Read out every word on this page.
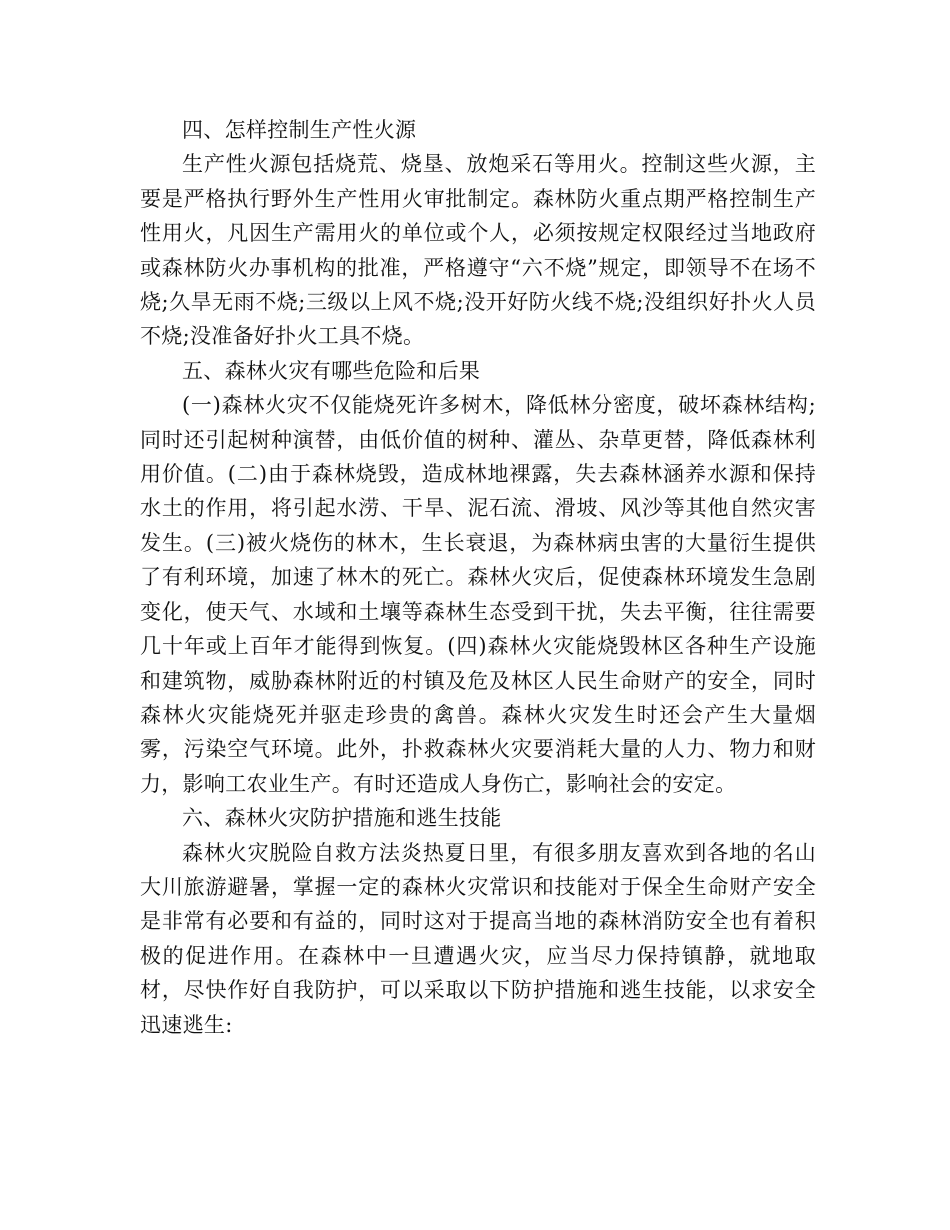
四、怎样控制生产性火源

生产性火源包括烧荒、烧垦、放炮采石等用火。控制这些火源，主要是严格执行野外生产性用火审批制定。森林防火重点期严格控制生产性用火，凡因生产需用火的单位或个人，必须按规定权限经过当地政府或森林防火办事机构的批准，严格遵守“六不烧”规定，即领导不在场不烧;久旱无雨不烧;三级以上风不烧;没开好防火线不烧;没组织好扑火人员不烧;没准备好扑火工具不烧。

五、森林火灾有哪些危险和后果

(一)森林火灾不仅能烧死许多树木，降低林分密度，破坏森林结构;同时还引起树种演替，由低价值的树种、灌丛、杂草更替，降低森林利用价值。(二)由于森林烧毁，造成林地裸露，失去森林涵养水源和保持水土的作用，将引起水涝、干旱、泥石流、滑坡、风沙等其他自然灾害发生。(三)被火烧伤的林木，生长衰退，为森林病虫害的大量衍生提供了有利环境，加速了林木的死亡。森林火灾后，促使森林环境发生急剧变化，使天气、水域和土壤等森林生态受到干扰，失去平衡，往往需要几十年或上百年才能得到恢复。(四)森林火灾能烧毁林区各种生产设施和建筑物，威胁森林附近的村镇及危及林区人民生命财产的安全，同时森林火灾能烧死并驱走珍贵的禽兽。森林火灾发生时还会产生大量烟雾，污染空气环境。此外，扑救森林火灾要消耗大量的人力、物力和财力，影响工农业生产。有时还造成人身伤亡，影响社会的安定。

六、森林火灾防护措施和逃生技能

森林火灾脱险自救方法炎热夏日里，有很多朋友喜欢到各地的名山大川旅游避暑，掌握一定的森林火灾常识和技能对于保全生命财产安全是非常有必要和有益的，同时这对于提高当地的森林消防安全也有着积极的促进作用。在森林中一旦遭遇火灾，应当尽力保持镇静，就地取材，尽快作好自我防护，可以采取以下防护措施和逃生技能，以求安全迅速逃生:
